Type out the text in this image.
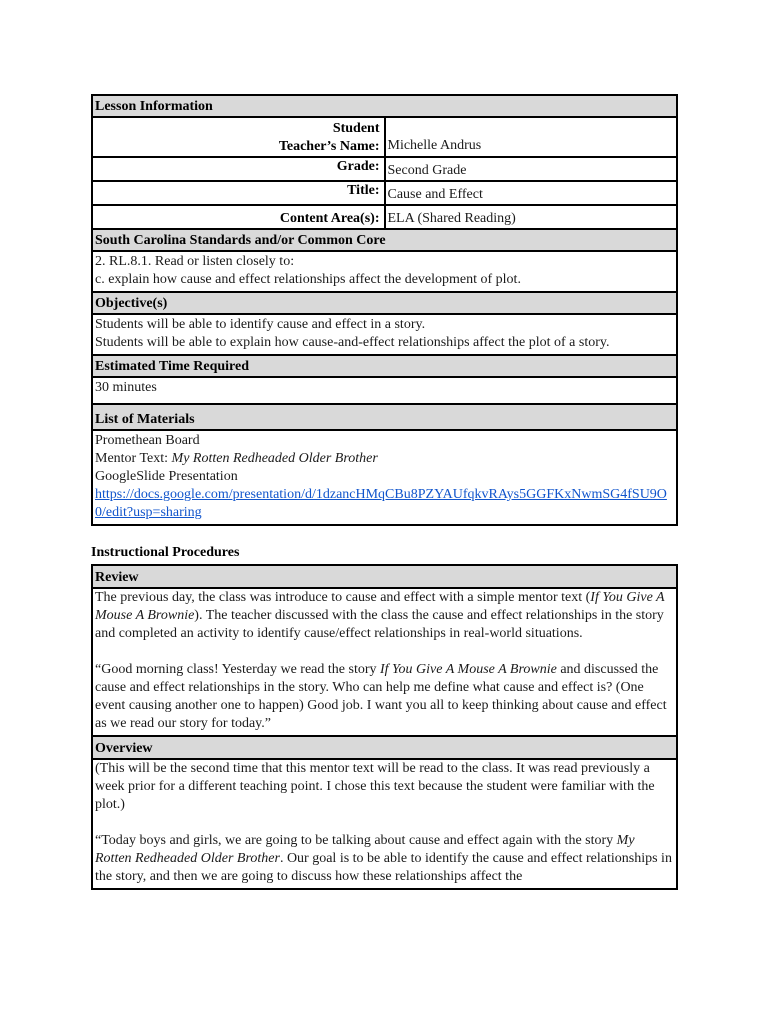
Lesson Information	
Student
Teacher’s Name:	Michelle Andrus
Grade:	Second Grade
Title:	Cause and Effect
Content Area(s):	ELA (Shared Reading)
South Carolina Standards and/or Common Core	

2. RL.8.1. Read or listen closely to:
c. explain how cause and effect relationships affect the development of plot.	

Objective(s)	

Students will be able to identify cause and effect in a story.
Students will be able to explain how cause-and-effect relationships affect the plot of a story.	

Estimated Time Required	
30 minutes	
List of Materials	

Promethean Board
Mentor Text: My Rotten Redheaded Older Brother
GoogleSlide Presentation
https://docs.google.com/presentation/d/1dzancHMqCBu8PZYAUfqkvRAys5GGFKxNwmSG4fSU9O0/edit?usp=sharing	
Instructional Procedures
Review

The previous day, the class was introduce to cause and effect with a simple mentor text (If You Give A Mouse A Brownie). The teacher discussed with the class the cause and effect relationships in the story and completed an activity to identify cause/effect relationships in real-world situations.
“Good morning class! Yesterday we read the story If You Give A Mouse A Brownie and discussed the cause and effect relationships in the story. Who can help me define what cause and effect is? (One event causing another one to happen) Good job. I want you all to keep thinking about cause and effect as we read our story for today.”

Overview

(This will be the second time that this mentor text will be read to the class. It was read previously a week prior for a different teaching point. I chose this text because the student were familiar with the plot.)
“Today boys and girls, we are going to be talking about cause and effect again with the story My Rotten Redheaded Older Brother. Our goal is to be able to identify the cause and effect relationships in the story, and then we are going to discuss how these relationships affect the
